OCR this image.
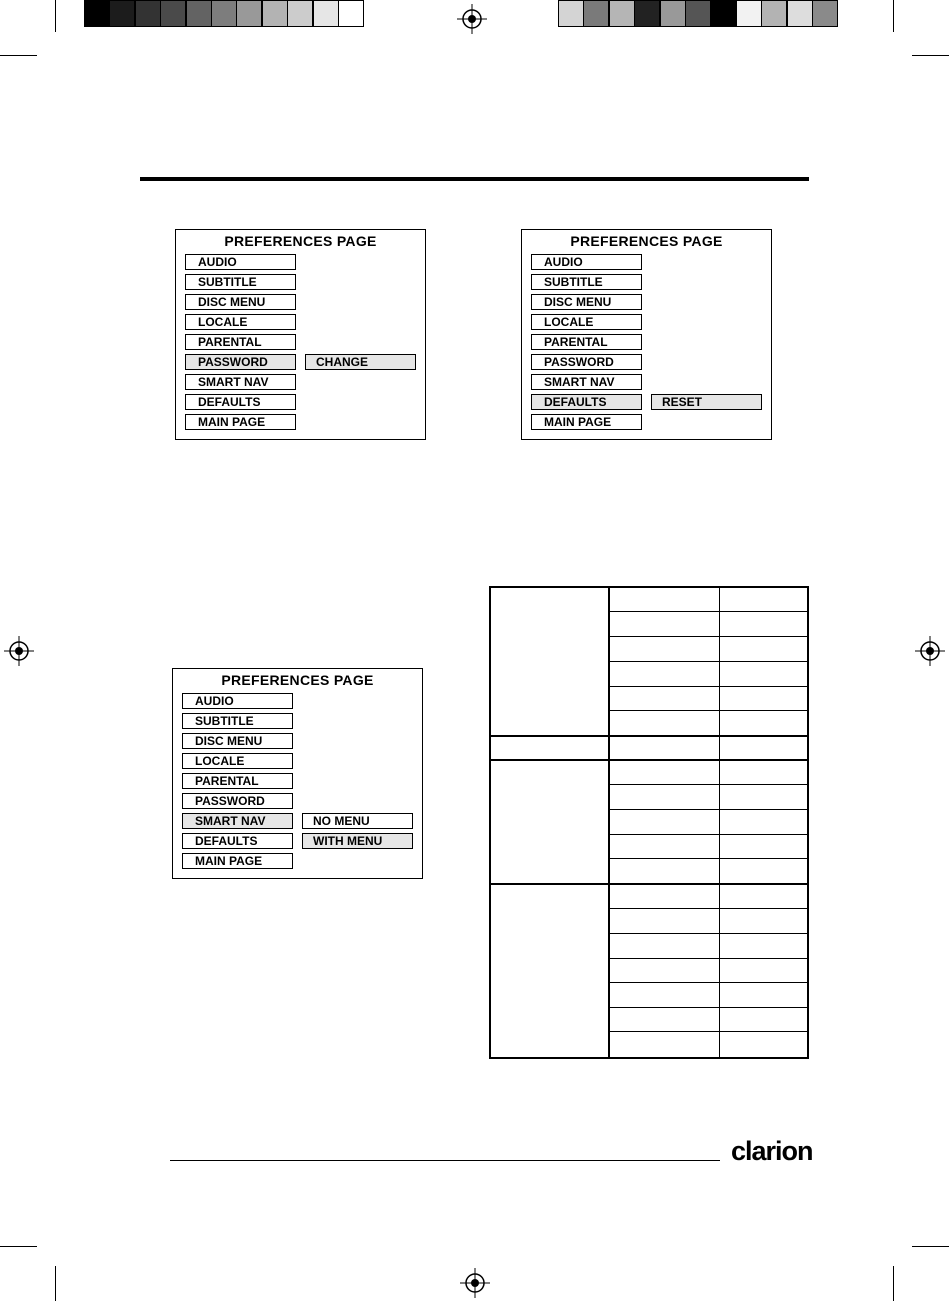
PREFERENCES PAGE
AUDIO
SUBTITLE
DISC MENU
LOCALE
PARENTAL
PASSWORD
SMART NAV
DEFAULTS
MAIN PAGE
CHANGE
PREFERENCES PAGE
AUDIO
SUBTITLE
DISC MENU
LOCALE
PARENTAL
PASSWORD
SMART NAV
DEFAULTS
MAIN PAGE
RESET
PREFERENCES PAGE
AUDIO
SUBTITLE
DISC MENU
LOCALE
PARENTAL
PASSWORD
SMART NAV
DEFAULTS
MAIN PAGE
NO MENU
WITH MENU
clarion
